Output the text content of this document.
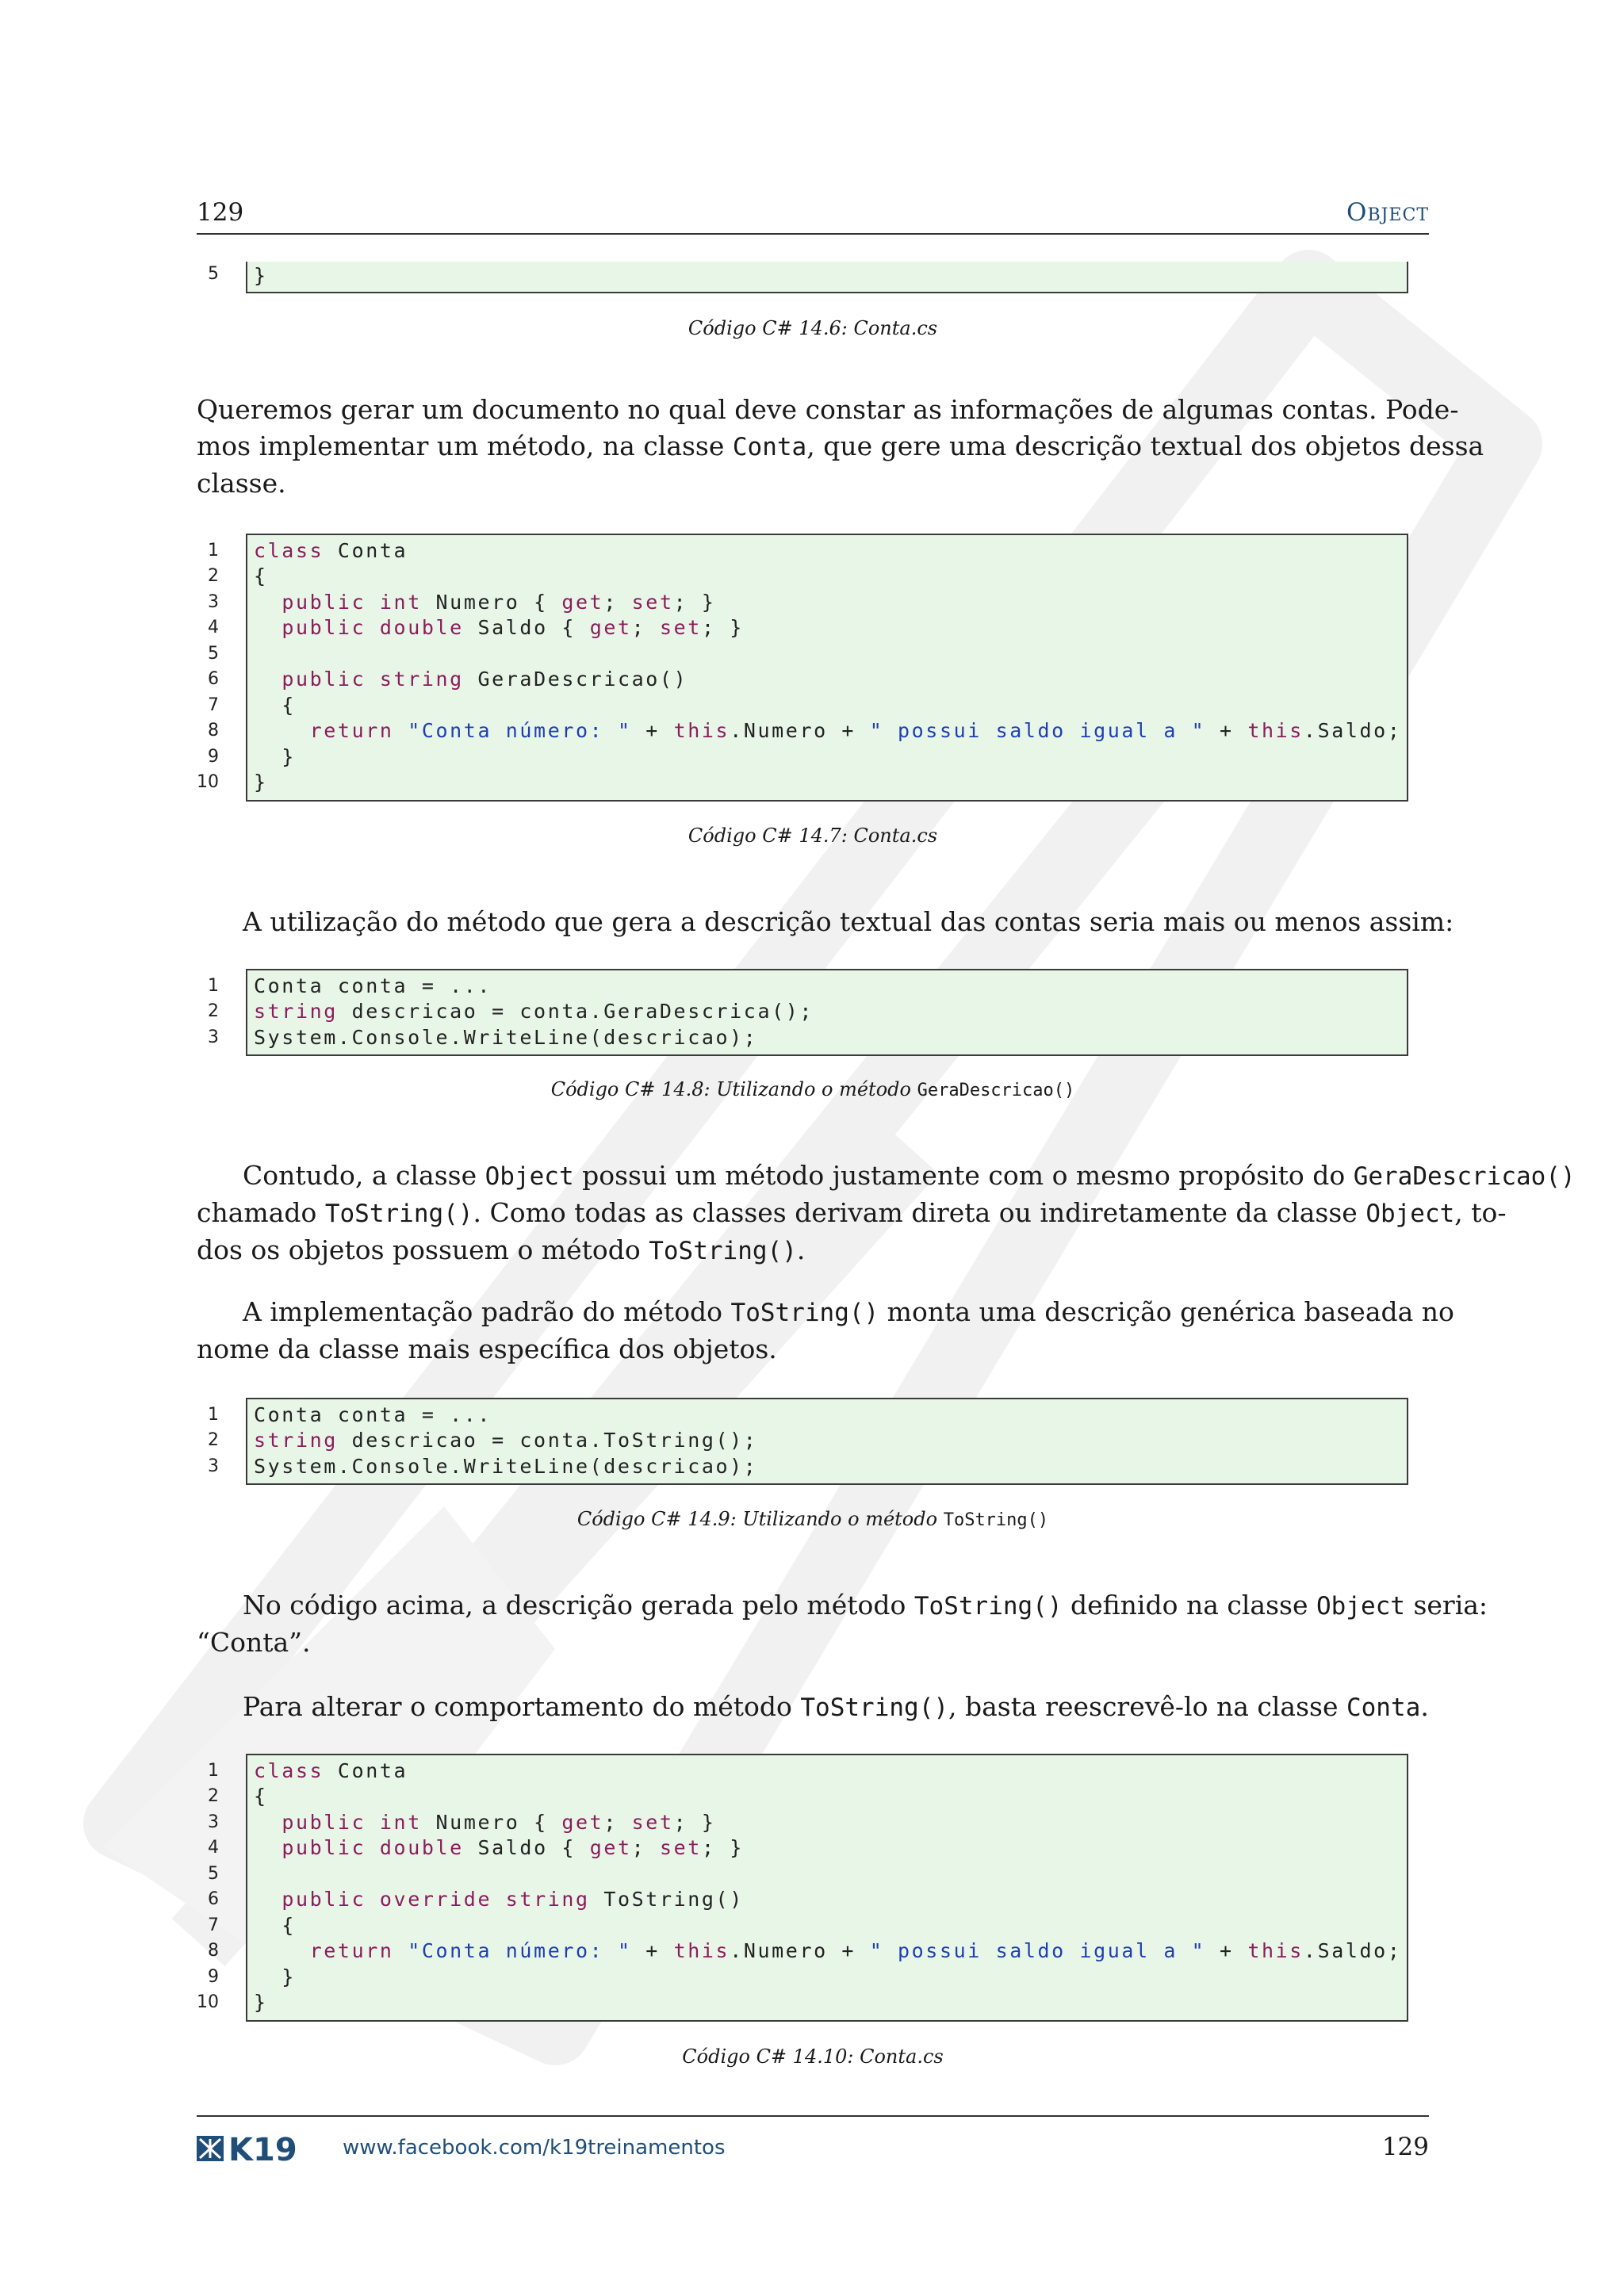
129	Object
5 }
Código C# 14.6: Conta.cs
Queremos gerar um documento no qual deve constar as informações de algumas contas. Pode-
mos implementar um método, na classe Conta, que gere uma descrição textual dos objetos dessa
classe.
1
2
3
4
5
6
7
8
9
10
class Conta
{
public int Numero { get; set; }
public double Saldo { get; set; }
public string GeraDescricao()
{
return "Conta número: " + this.Numero + " possui saldo igual a " + this.Saldo;
}
}
Código C# 14.7: Conta.cs
A utilização do método que gera a descrição textual das contas seria mais ou menos assim:
1
2
3
Conta conta = ...
string descricao = conta.GeraDescrica();
System.Console.WriteLine(descricao);
Código C# 14.8: Utilizando o método GeraDescricao()
Contudo, a classe Object possui um método justamente com o mesmo propósito do GeraDescricao()
chamado ToString(). Como todas as classes derivam direta ou indiretamente da classe Object, to-
dos os objetos possuem o método ToString().
A implementação padrão do método ToString() monta uma descrição genérica baseada no
nome da classe mais específica dos objetos.
1
2
3
Conta conta = ...
string descricao = conta.ToString();
System.Console.WriteLine(descricao);
Código C# 14.9: Utilizando o método ToString()
No código acima, a descrição gerada pelo método ToString() definido na classe Object seria:
“Conta”.
Para alterar o comportamento do método ToString(), basta reescrevê-lo na classe Conta.
1
2
3
4
5
6
7
8
9
10
class Conta
{
public int Numero { get; set; }
public double Saldo { get; set; }
public override string ToString()
{
return "Conta número: " + this.Numero + " possui saldo igual a " + this.Saldo;
}
}
Código C# 14.10: Conta.cs
K19 www.facebook.com/k19treinamentos	129
